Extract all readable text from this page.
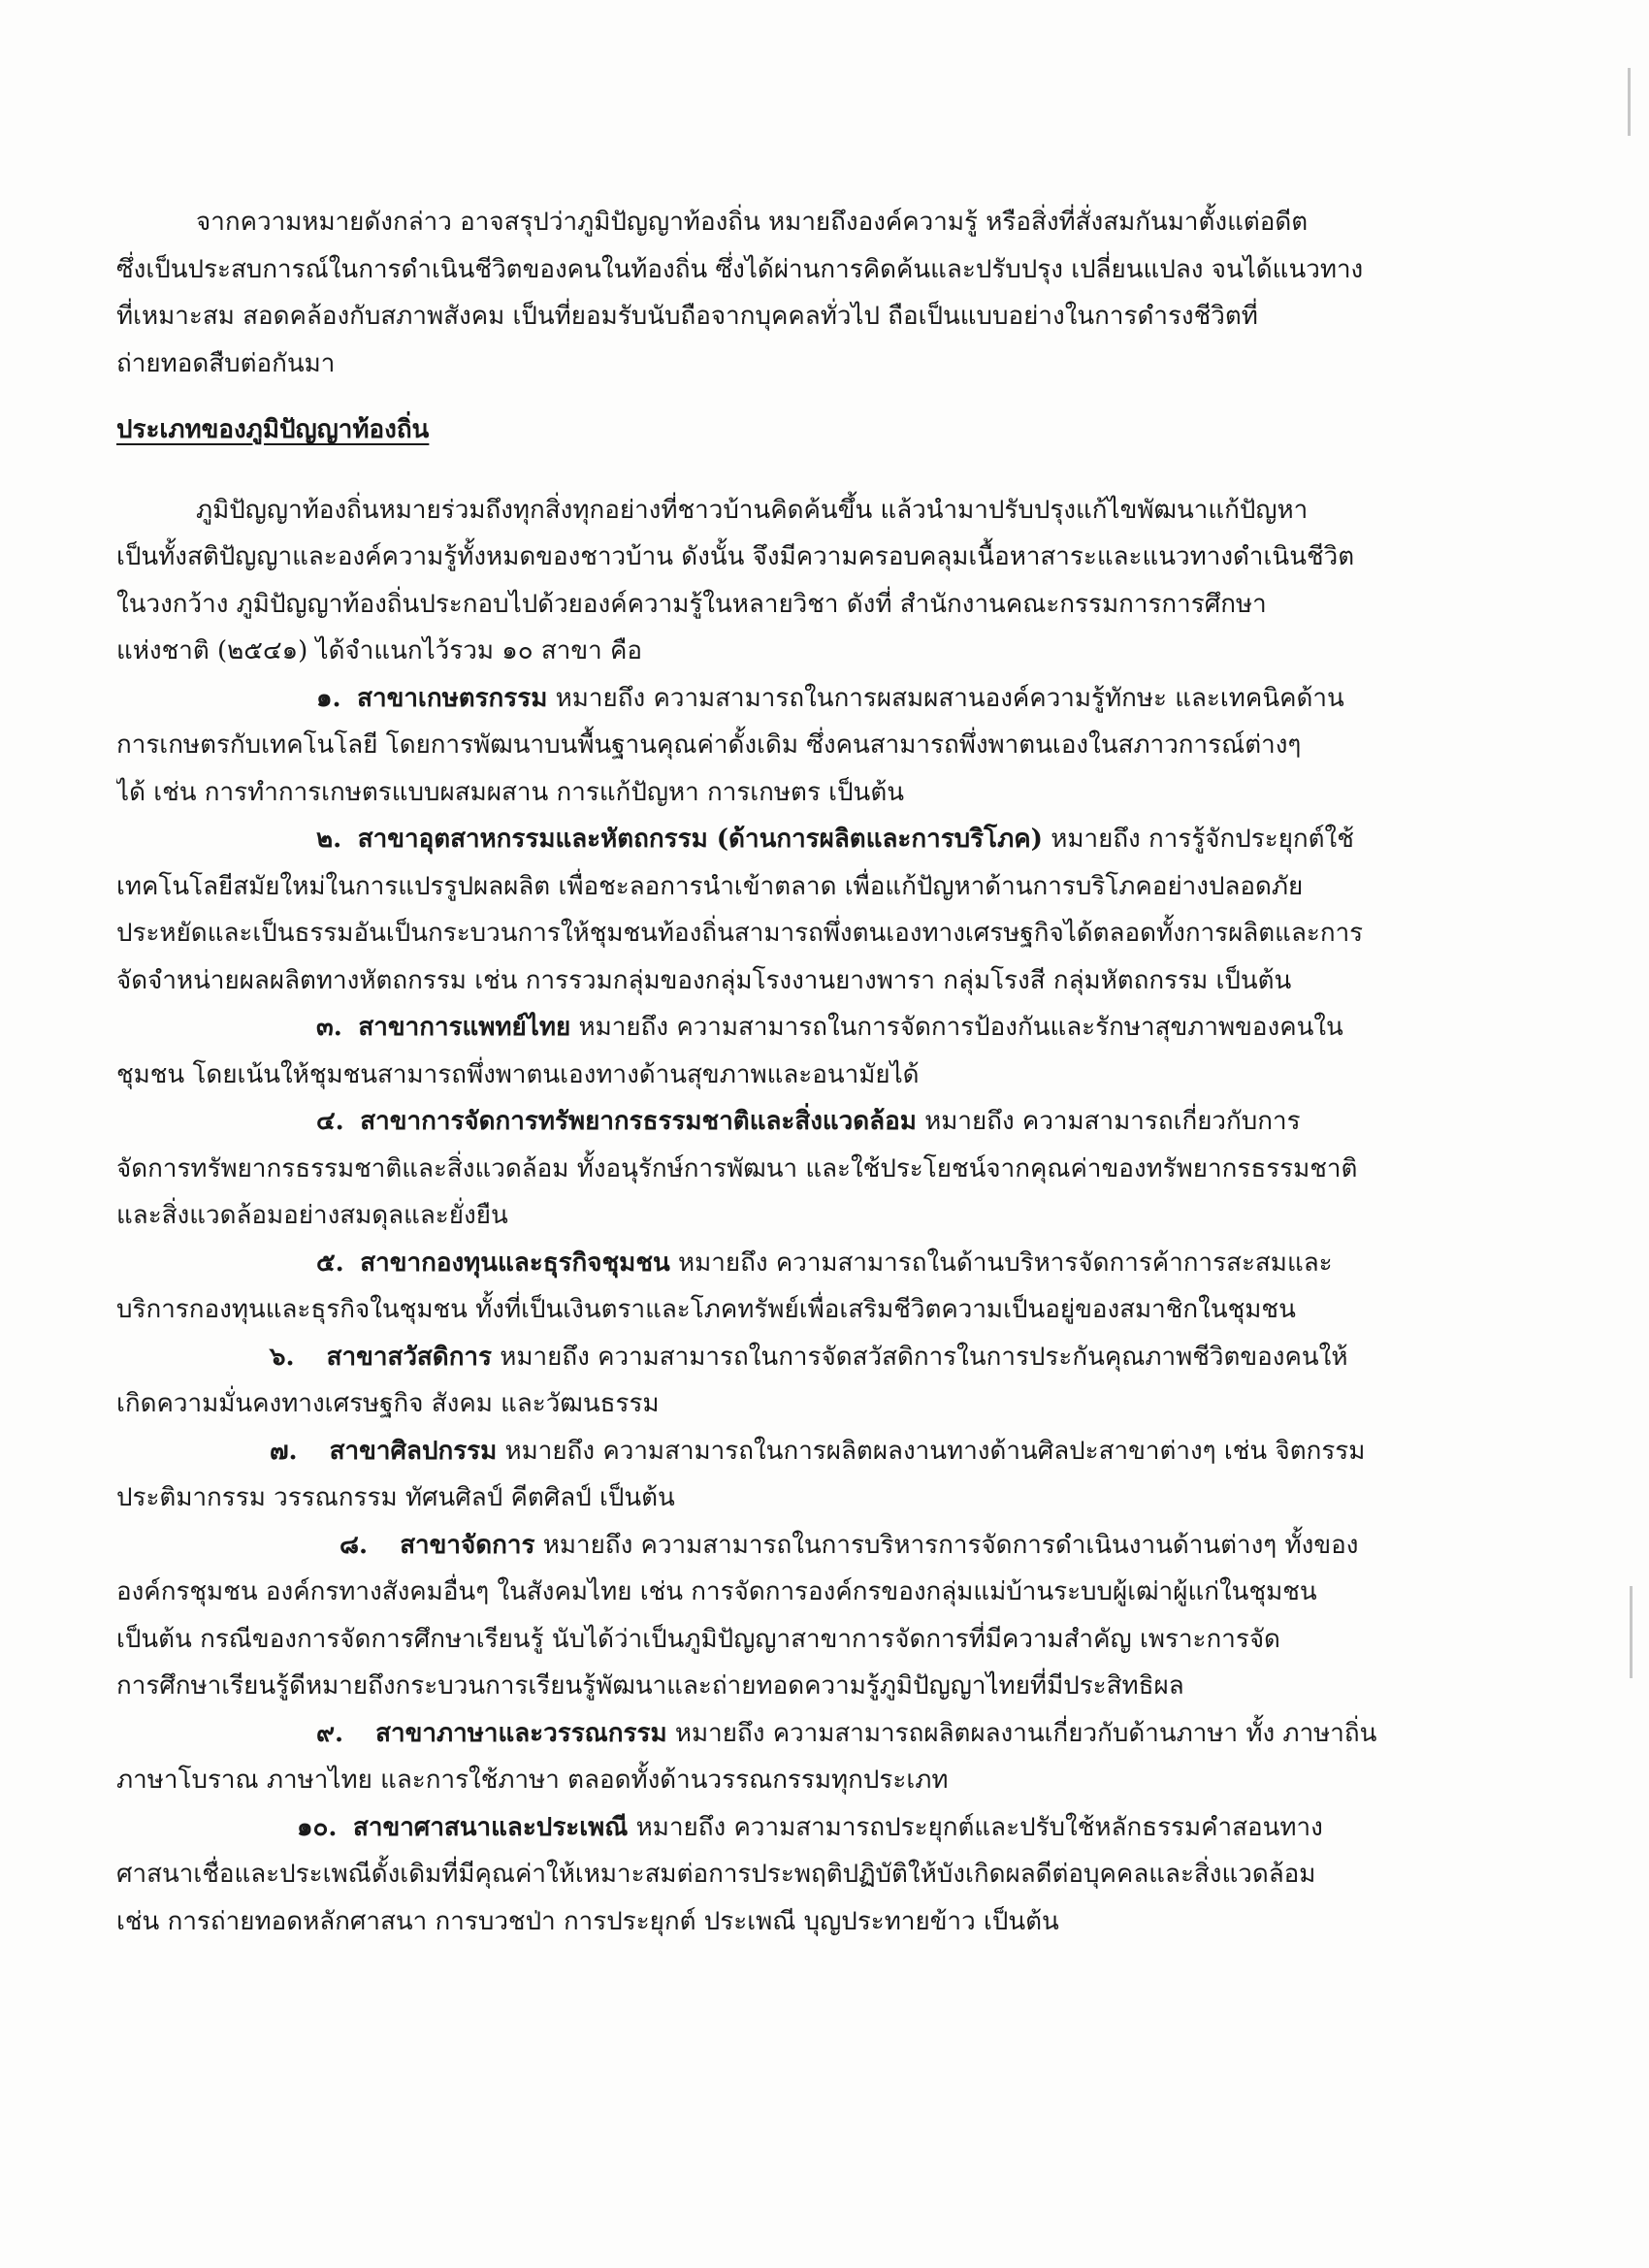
จากความหมายดังกล่าว อาจสรุปว่าภูมิปัญญาท้องถิ่น หมายถึงองค์ความรู้ หรือสิ่งที่สั่งสมกันมาตั้งแต่อดีต
ซึ่งเป็นประสบการณ์ในการดำเนินชีวิตของคนในท้องถิ่น ซึ่งได้ผ่านการคิดค้นและปรับปรุง เปลี่ยนแปลง จนได้แนวทาง
ที่เหมาะสม สอดคล้องกับสภาพสังคม เป็นที่ยอมรับนับถือจากบุคคลทั่วไป ถือเป็นแบบอย่างในการดำรงชีวิตที่
ถ่ายทอดสืบต่อกันมา
ประเภทของภูมิปัญญาท้องถิ่น
ภูมิปัญญาท้องถิ่นหมายร่วมถึงทุกสิ่งทุกอย่างที่ชาวบ้านคิดค้นขึ้น แล้วนำมาปรับปรุงแก้ไขพัฒนาแก้ปัญหา
เป็นทั้งสติปัญญาและองค์ความรู้ทั้งหมดของชาวบ้าน ดังนั้น จึงมีความครอบคลุมเนื้อหาสาระและแนวทางดำเนินชีวิต
ในวงกว้าง ภูมิปัญญาท้องถิ่นประกอบไปด้วยองค์ความรู้ในหลายวิชา ดังที่ สำนักงานคณะกรรมการการศึกษา
แห่งชาติ (๒๕๔๑) ได้จำแนกไว้รวม ๑๐ สาขา คือ
๑. สาขาเกษตรกรรม หมายถึง ความสามารถในการผสมผสานองค์ความรู้ทักษะ และเทคนิคด้าน
การเกษตรกับเทคโนโลยี โดยการพัฒนาบนพื้นฐานคุณค่าดั้งเดิม ซึ่งคนสามารถพึ่งพาตนเองในสภาวการณ์ต่างๆ
ได้ เช่น การทำการเกษตรแบบผสมผสาน การแก้ปัญหา การเกษตร เป็นต้น
๒. สาขาอุตสาหกรรมและหัตถกรรม (ด้านการผลิตและการบริโภค) หมายถึง การรู้จักประยุกต์ใช้
เทคโนโลยีสมัยใหม่ในการแปรรูปผลผลิต เพื่อชะลอการนำเข้าตลาด เพื่อแก้ปัญหาด้านการบริโภคอย่างปลอดภัย
ประหยัดและเป็นธรรมอันเป็นกระบวนการให้ชุมชนท้องถิ่นสามารถพึ่งตนเองทางเศรษฐกิจได้ตลอดทั้งการผลิตและการ
จัดจำหน่ายผลผลิตทางหัตถกรรม เช่น การรวมกลุ่มของกลุ่มโรงงานยางพารา กลุ่มโรงสี กลุ่มหัตถกรรม เป็นต้น
๓. สาขาการแพทย์ไทย หมายถึง ความสามารถในการจัดการป้องกันและรักษาสุขภาพของคนใน
ชุมชน โดยเน้นให้ชุมชนสามารถพึ่งพาตนเองทางด้านสุขภาพและอนามัยได้
๔. สาขาการจัดการทรัพยากรธรรมชาติและสิ่งแวดล้อม หมายถึง ความสามารถเกี่ยวกับการ
จัดการทรัพยากรธรรมชาติและสิ่งแวดล้อม ทั้งอนุรักษ์การพัฒนา และใช้ประโยชน์จากคุณค่าของทรัพยากรธรรมชาติ
และสิ่งแวดล้อมอย่างสมดุลและยั่งยืน
๕. สาขากองทุนและธุรกิจชุมชน หมายถึง ความสามารถในด้านบริหารจัดการค้าการสะสมและ
บริการกองทุนและธุรกิจในชุมชน ทั้งที่เป็นเงินตราและโภคทรัพย์เพื่อเสริมชีวิตความเป็นอยู่ของสมาชิกในชุมชน
๖. สาขาสวัสดิการ หมายถึง ความสามารถในการจัดสวัสดิการในการประกันคุณภาพชีวิตของคนให้
เกิดความมั่นคงทางเศรษฐกิจ สังคม และวัฒนธรรม
๗. สาขาศิลปกรรม หมายถึง ความสามารถในการผลิตผลงานทางด้านศิลปะสาขาต่างๆ เช่น จิตกรรม
ประติมากรรม วรรณกรรม ทัศนศิลป์ คีตศิลป์ เป็นต้น
๘. สาขาจัดการ หมายถึง ความสามารถในการบริหารการจัดการดำเนินงานด้านต่างๆ ทั้งของ
องค์กรชุมชน องค์กรทางสังคมอื่นๆ ในสังคมไทย เช่น การจัดการองค์กรของกลุ่มแม่บ้านระบบผู้เฒ่าผู้แก่ในชุมชน
เป็นต้น กรณีของการจัดการศึกษาเรียนรู้ นับได้ว่าเป็นภูมิปัญญาสาขาการจัดการที่มีความสำคัญ เพราะการจัด
การศึกษาเรียนรู้ดีหมายถึงกระบวนการเรียนรู้พัฒนาและถ่ายทอดความรู้ภูมิปัญญาไทยที่มีประสิทธิผล
๙. สาขาภาษาและวรรณกรรม หมายถึง ความสามารถผลิตผลงานเกี่ยวกับด้านภาษา ทั้ง ภาษาถิ่น
ภาษาโบราณ ภาษาไทย และการใช้ภาษา ตลอดทั้งด้านวรรณกรรมทุกประเภท
๑๐. สาขาศาสนาและประเพณี หมายถึง ความสามารถประยุกต์และปรับใช้หลักธรรมคำสอนทาง
ศาสนาเชื่อและประเพณีดั้งเดิมที่มีคุณค่าให้เหมาะสมต่อการประพฤติปฏิบัติให้บังเกิดผลดีต่อบุคคลและสิ่งแวดล้อม
เช่น การถ่ายทอดหลักศาสนา การบวชป่า การประยุกต์ ประเพณี บุญประทายข้าว เป็นต้น
